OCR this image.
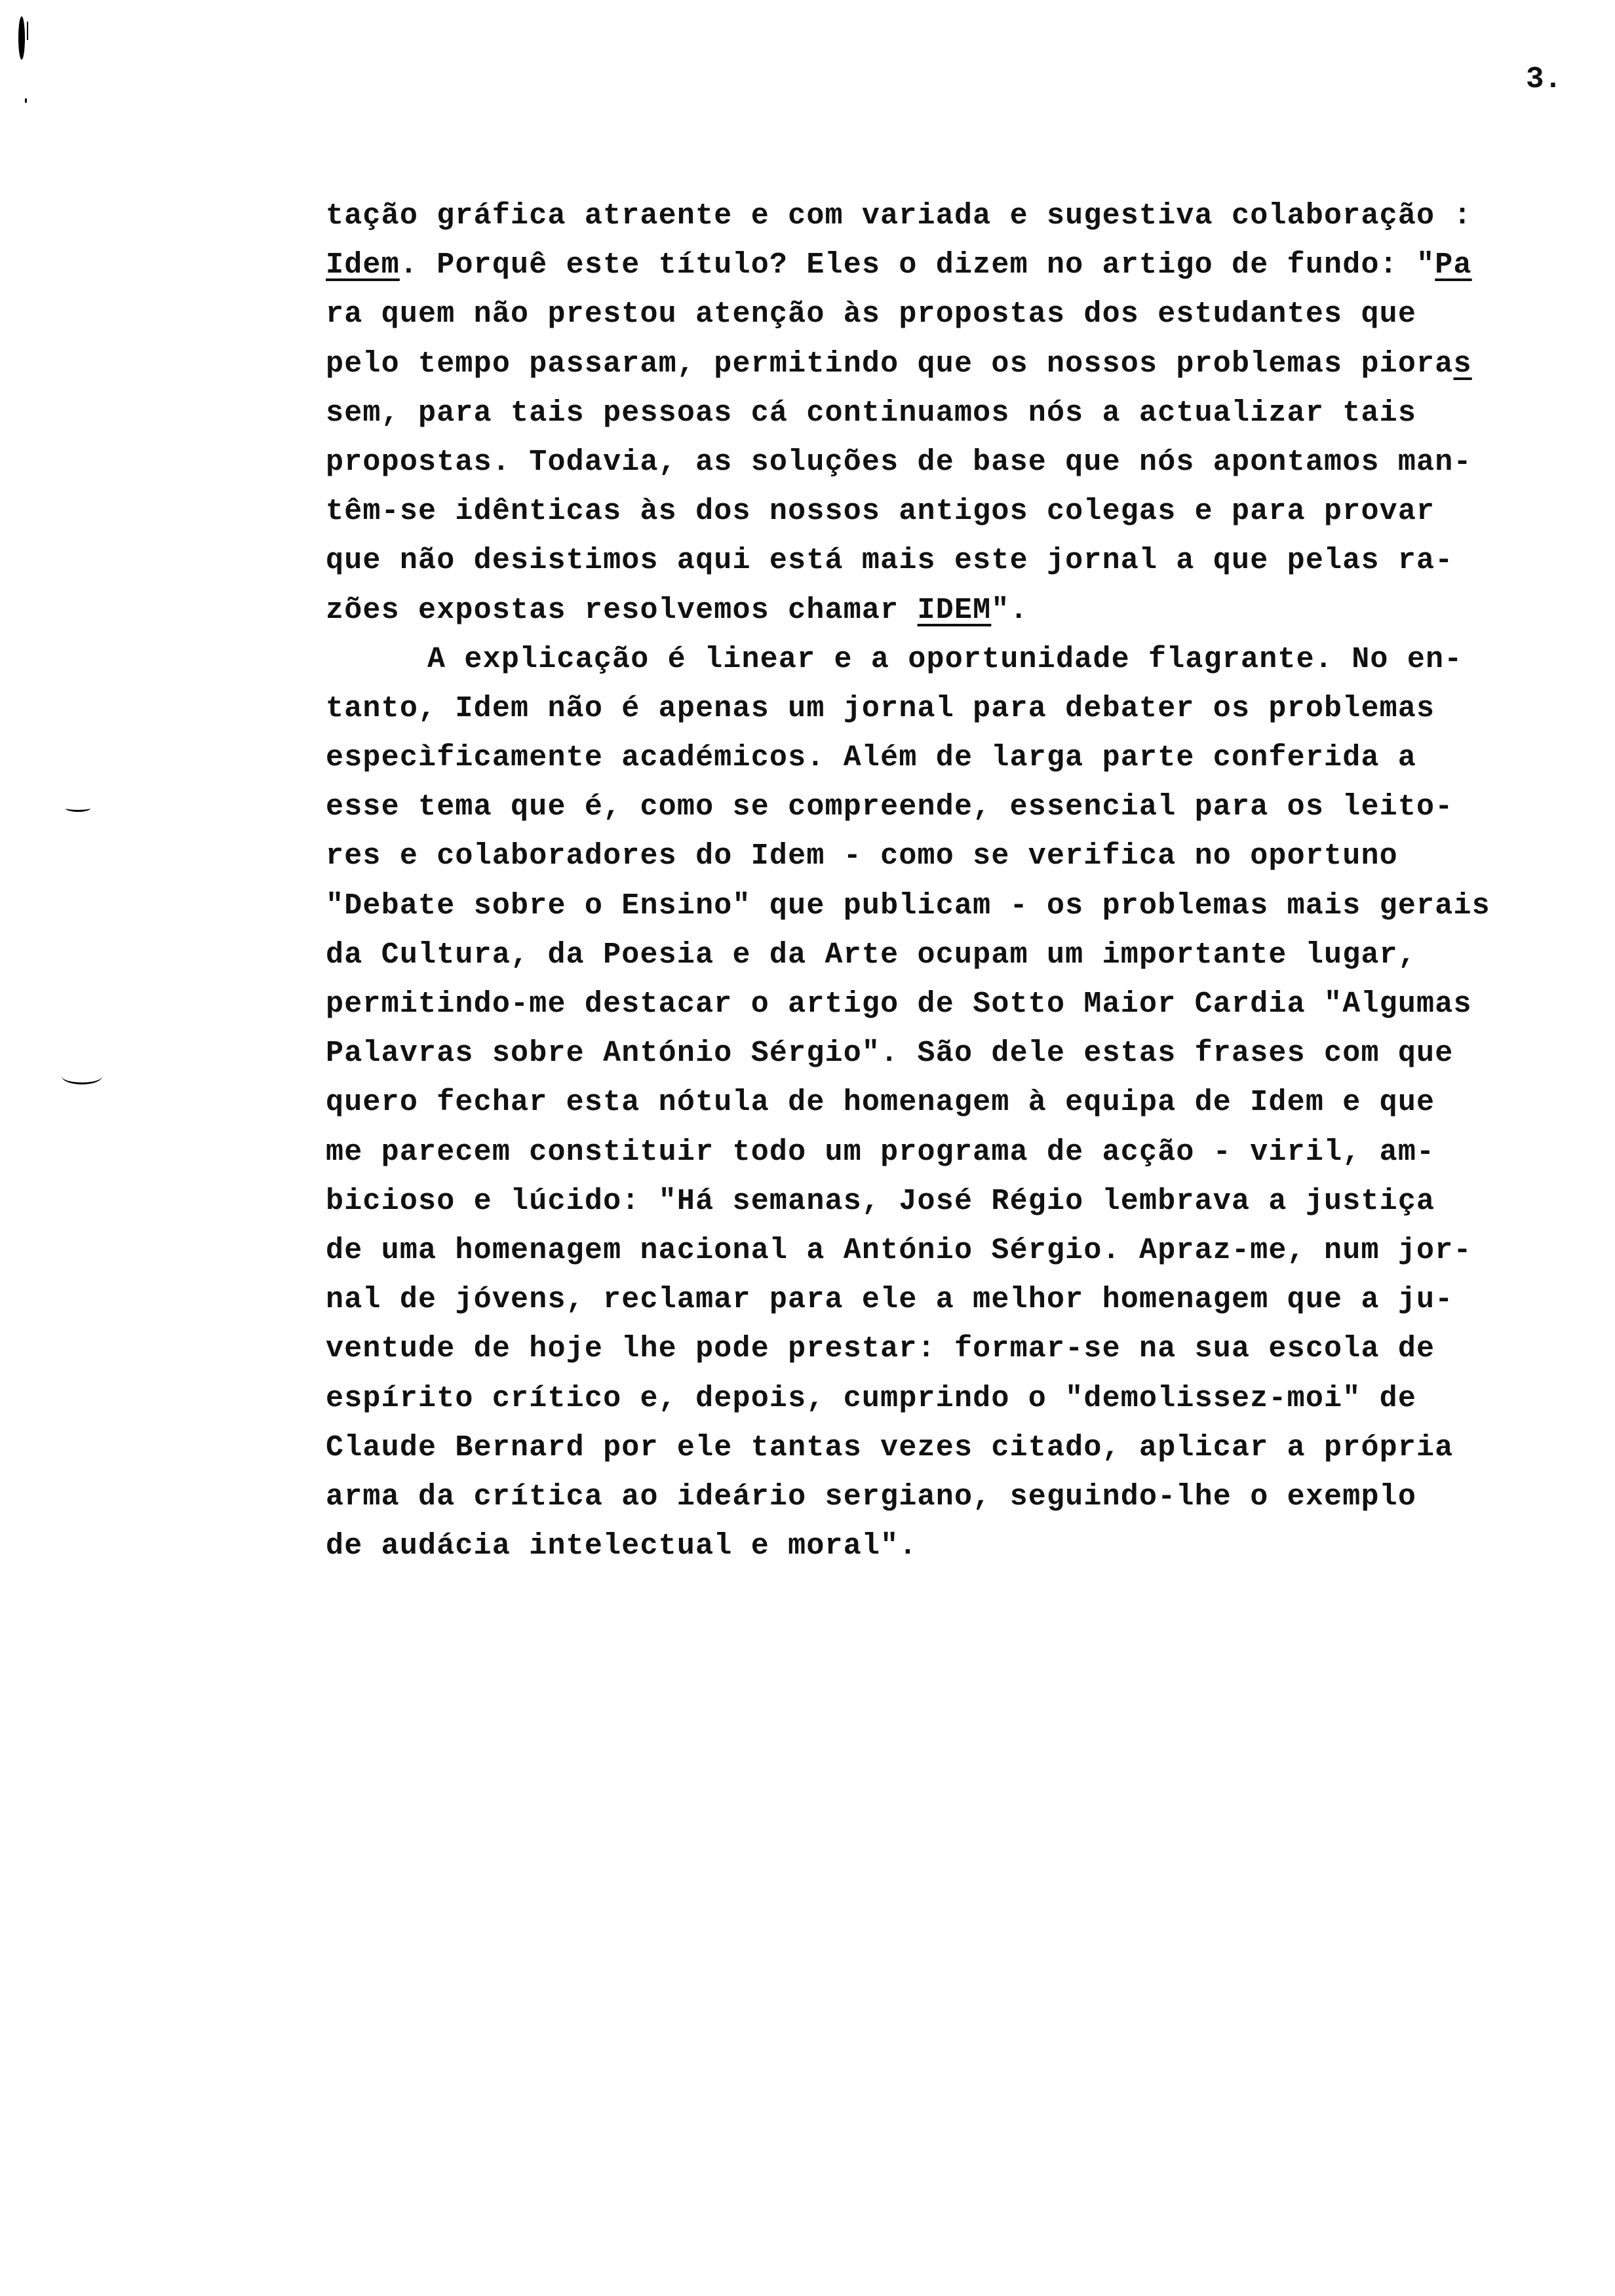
3.
tação gráfica atraente e com variada e sugestiva colaboração :
Idem. Porquê este título? Eles o dizem no artigo de fundo: "Pa
ra quem não prestou atenção às propostas dos estudantes que
pelo tempo passaram, permitindo que os nossos problemas pioras
sem, para tais pessoas cá continuamos nós a actualizar tais
propostas. Todavia, as soluções de base que nós apontamos man-
têm-se idênticas às dos nossos antigos colegas e para provar
que não desistimos aqui está mais este jornal a que pelas ra-
zões expostas resolvemos chamar IDEM".
A explicação é linear e a oportunidade flagrante. No en-
tanto, Idem não é apenas um jornal para debater os problemas
especìficamente académicos. Além de larga parte conferida a
esse tema que é, como se compreende, essencial para os leito-
res e colaboradores do Idem - como se verifica no oportuno
"Debate sobre o Ensino" que publicam - os problemas mais gerais
da Cultura, da Poesia e da Arte ocupam um importante lugar,
permitindo-me destacar o artigo de Sotto Maior Cardia "Algumas
Palavras sobre António Sérgio". São dele estas frases com que
quero fechar esta nótula de homenagem à equipa de Idem e que
me parecem constituir todo um programa de acção - viril, am-
bicioso e lúcido: "Há semanas, José Régio lembrava a justiça
de uma homenagem nacional a António Sérgio. Apraz-me, num jor-
nal de jóvens, reclamar para ele a melhor homenagem que a ju-
ventude de hoje lhe pode prestar: formar-se na sua escola de
espírito crítico e, depois, cumprindo o "demolissez-moi" de
Claude Bernard por ele tantas vezes citado, aplicar a própria
arma da crítica ao ideário sergiano, seguindo-lhe o exemplo
de audácia intelectual e moral".
